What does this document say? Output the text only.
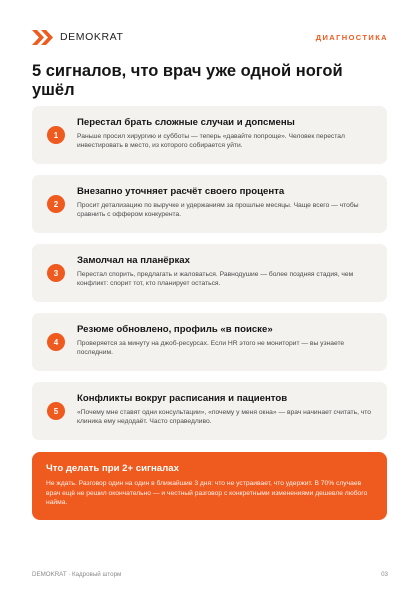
DEMOKRAT	ДИАГНОСТИКА
5 сигналов, что врач уже одной ногой ушёл
1
Перестал брать сложные случаи и допсмены
Раньше просил хирургию и субботы — теперь «давайте попроще». Человек перестал инвестировать в место, из которого собирается уйти.
2
Внезапно уточняет расчёт своего процента
Просит детализацию по выручке и удержаниям за прошлые месяцы. Чаще всего — чтобы сравнить с оффером конкурента.
3
Замолчал на планёрках
Перестал спорить, предлагать и жаловаться. Равнодушие — более поздняя стадия, чем конфликт: спорит тот, кто планирует остаться.
4
Резюме обновлено, профиль «в поиске»
Проверяется за минуту на джоб-ресурсах. Если HR этого не мониторит — вы узнаете последним.
5
Конфликты вокруг расписания и пациентов
«Почему мне ставят одни консультации», «почему у меня окна» — врач начинает считать, что клиника ему недодаёт. Часто справедливо.
Что делать при 2+ сигналах
Не ждать. Разговор один на один в ближайшие 3 дня: что не устраивает, что удержит. В 70% случаев врач ещё не решил окончательно — и честный разговор с конкретными изменениями дешевле любого найма.
DEMOKRAT · Кадровый шторм	03
